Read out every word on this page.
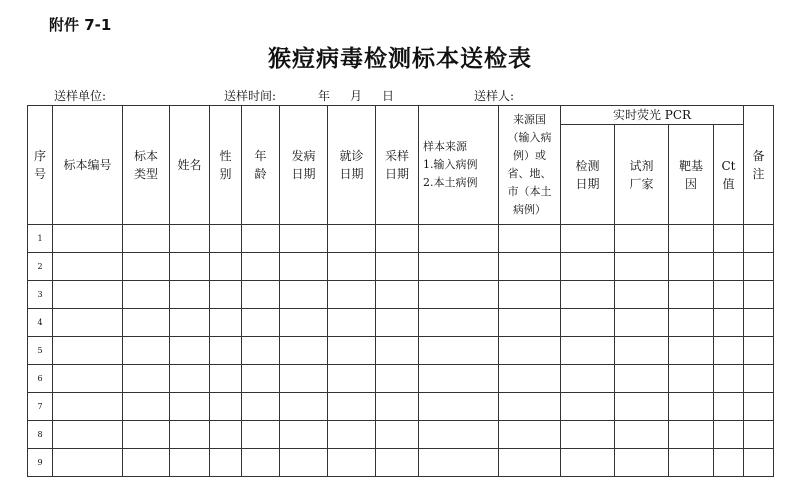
附件 7-1
猴痘病毒检测标本送检表
送样单位:	送样时间:	年 月 日	送样人:
序号	标本编号	标本类型	姓名	性别	年龄	发病日期	就诊日期	采样日期	样本来源
1.输入病例
2.本土病例	来源国（输入病例）或省、地、市（本土病例）	实时荧光 PCR				备注
											检测日期	试剂厂家	靶基因	Ct值	
1															
2															
3															
4															
5															
6															
7															
8															
9															
